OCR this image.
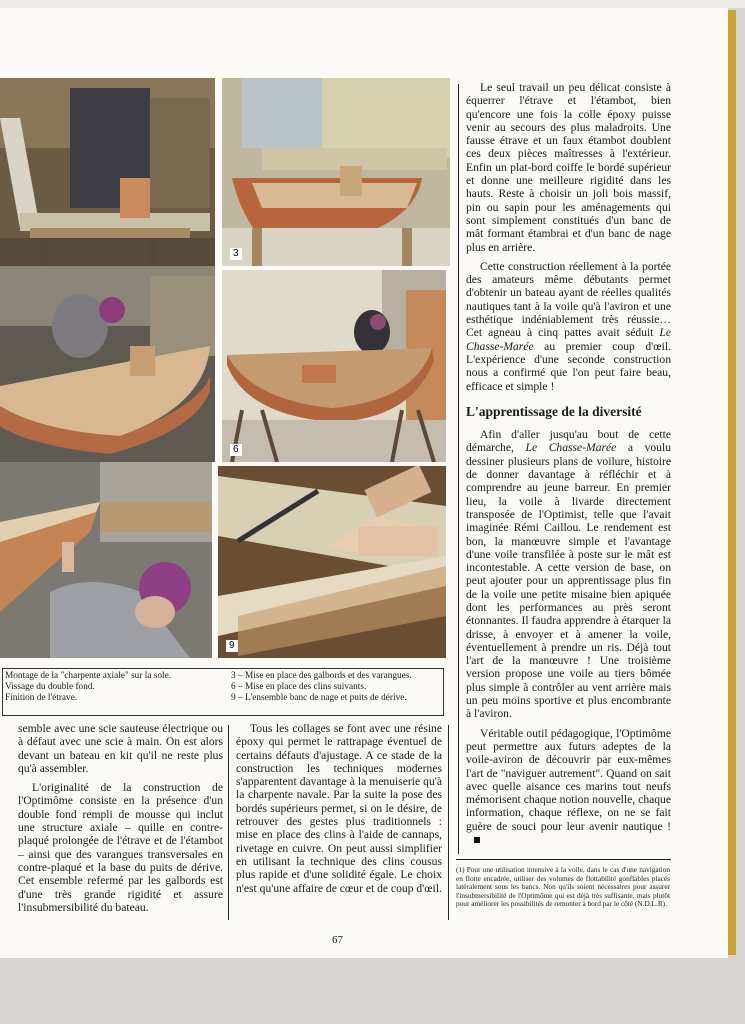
3
6
9
Montage de la "charpente axiale" sur la sole.
Vissage du double fond.
Finition de l'étrave.
3 – Mise en place des galbords et des varangues.
6 – Mise en place des clins suivants.
9 – L'ensemble banc de nage et puits de dérive.

semble avec une scie sauteuse électrique ou à défaut avec une scie à main. On est alors devant un bateau en kit qu'il ne reste plus qu'à assembler.

L'originalité de la construction de l'Optimôme consiste en la présence d'un double fond rempli de mousse qui inclut une structure axiale – quille en contre-plaqué prolongée de l'étrave et de l'étambot – ainsi que des varangues transversales en contre-plaqué et la base du puits de dérive. Cet ensemble refermé par les galbords est d'une très grande rigidité et assure l'insubmersibilité du bateau.

Tous les collages se font avec une résine époxy qui permet le rattrapage éventuel de certains défauts d'ajustage. A ce stade de la construction les techniques modernes s'apparentent davantage à la menuiserie qu'à la charpente navale. Par la suite la pose des bordés supérieurs permet, si on le désire, de retrouver des gestes plus traditionnels : mise en place des clins à l'aide de cannaps, rivetage en cuivre. On peut aussi simplifier en utilisant la technique des clins cousus plus rapide et d'une solidité égale. Le choix n'est qu'une affaire de cœur et de coup d'œil.

Le seul travail un peu délicat consiste à équerrer l'étrave et l'étambot, bien qu'encore une fois la colle époxy puisse venir au secours des plus maladroits. Une fausse étrave et un faux étambot doublent ces deux pièces maîtresses à l'extérieur. Enfin un plat-bord coiffe le bordé supérieur et donne une meilleure rigidité dans les hauts. Reste à choisir un joli bois massif, pin ou sapin pour les aménagements qui sont simplement constitués d'un banc de mât formant étambrai et d'un banc de nage plus en arrière.

Cette construction réellement à la portée des amateurs même débutants permet d'obtenir un bateau ayant de réelles qualités nautiques tant à la voile qu'à l'aviron et une esthétique indéniablement très réussie… Cet agneau à cinq pattes avait séduit Le Chasse-Marée au premier coup d'œil. L'expérience d'une seconde construction nous a confirmé que l'on peut faire beau, efficace et simple !

L'apprentissage de la diversité

Afin d'aller jusqu'au bout de cette démarche, Le Chasse-Marée a voulu dessiner plusieurs plans de voilure, histoire de donner davantage à réfléchir et à comprendre au jeune barreur. En premier lieu, la voile à livarde directement transposée de l'Optimist, telle que l'avait imaginée Rémi Caillou. Le rendement est bon, la manœuvre simple et l'avantage d'une voile transfilée à poste sur le mât est incontestable. A cette version de base, on peut ajouter pour un apprentissage plus fin de la voile une petite misaine bien apiquée dont les performances au près seront étonnantes. Il faudra apprendre à étarquer la drisse, à envoyer et à amener la voile, éventuellement à prendre un ris. Déjà tout l'art de la manœuvre ! Une troisième version propose une voile au tiers bômée plus simple à contrôler au vent arrière mais un peu moins sportive et plus encombrante à l'aviron.

Véritable outil pédagogique, l'Optimôme peut permettre aux futurs adeptes de la voile-aviron de découvrir par eux-mêmes l'art de "naviguer autrement". Quand on sait avec quelle aisance ces marins tout neufs mémorisent chaque notion nouvelle, chaque information, chaque réflexe, on ne se fait guère de souci pour leur avenir nautique !

(1) Pour une utilisation intensive à la voile, dans le cas d'une navigation en flotte encadrée, utiliser des volumes de flottabilité gonflables placés latéralement sous les bancs. Non qu'ils soient nécessaires pour assurer l'insubmersibilité de l'Optimôme qui est déjà très suffisante, mais plutôt pour améliorer les possibilités de remonter à bord par le côté (N.D.L.R).
67
